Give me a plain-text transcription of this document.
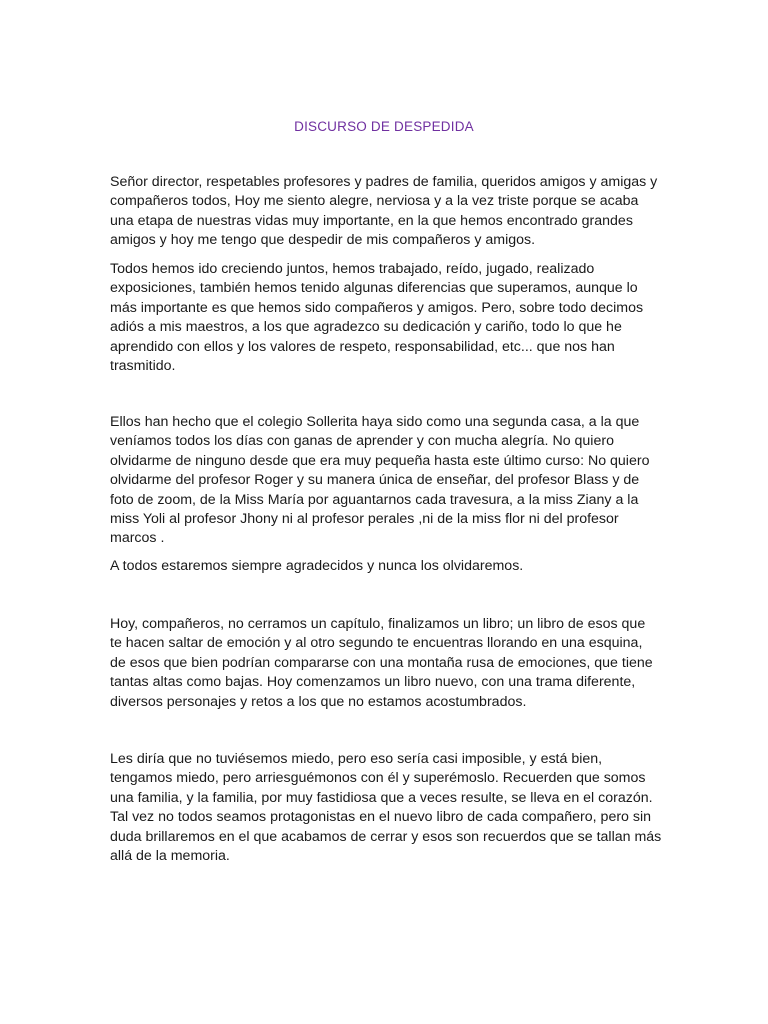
DISCURSO DE DESPEDIDA
Señor director, respetables profesores y padres de familia, queridos amigos y amigas y
compañeros todos, Hoy me siento alegre, nerviosa y a la vez triste porque se acaba
una etapa de nuestras vidas muy importante, en la que hemos encontrado grandes
amigos y hoy me tengo que despedir de mis compañeros y amigos.
Todos hemos ido creciendo juntos, hemos trabajado, reído, jugado, realizado
exposiciones, también hemos tenido algunas diferencias que superamos, aunque lo
más importante es que hemos sido compañeros y amigos. Pero, sobre todo decimos
adiós a mis maestros, a los que agradezco su dedicación y cariño, todo lo que he
aprendido con ellos y los valores de respeto, responsabilidad, etc... que nos han
trasmitido.
Ellos han hecho que el colegio Sollerita haya sido como una segunda casa, a la que
veníamos todos los días con ganas de aprender y con mucha alegría. No quiero
olvidarme de ninguno desde que era muy pequeña hasta este último curso: No quiero
olvidarme del profesor Roger y su manera única de enseñar, del profesor Blass y de
foto de zoom, de la Miss María por aguantarnos cada travesura, a la miss Ziany a la
miss Yoli al profesor Jhony ni al profesor perales ,ni de la miss flor ni del profesor
marcos .
A todos estaremos siempre agradecidos y nunca los olvidaremos.
Hoy, compañeros, no cerramos un capítulo, finalizamos un libro; un libro de esos que
te hacen saltar de emoción y al otro segundo te encuentras llorando en una esquina,
de esos que bien podrían compararse con una montaña rusa de emociones, que tiene
tantas altas como bajas. Hoy comenzamos un libro nuevo, con una trama diferente,
diversos personajes y retos a los que no estamos acostumbrados.
Les diría que no tuviésemos miedo, pero eso sería casi imposible, y está bien,
tengamos miedo, pero arriesguémonos con él y superémoslo. Recuerden que somos
una familia, y la familia, por muy fastidiosa que a veces resulte, se lleva en el corazón.
Tal vez no todos seamos protagonistas en el nuevo libro de cada compañero, pero sin
duda brillaremos en el que acabamos de cerrar y esos son recuerdos que se tallan más
allá de la memoria.
